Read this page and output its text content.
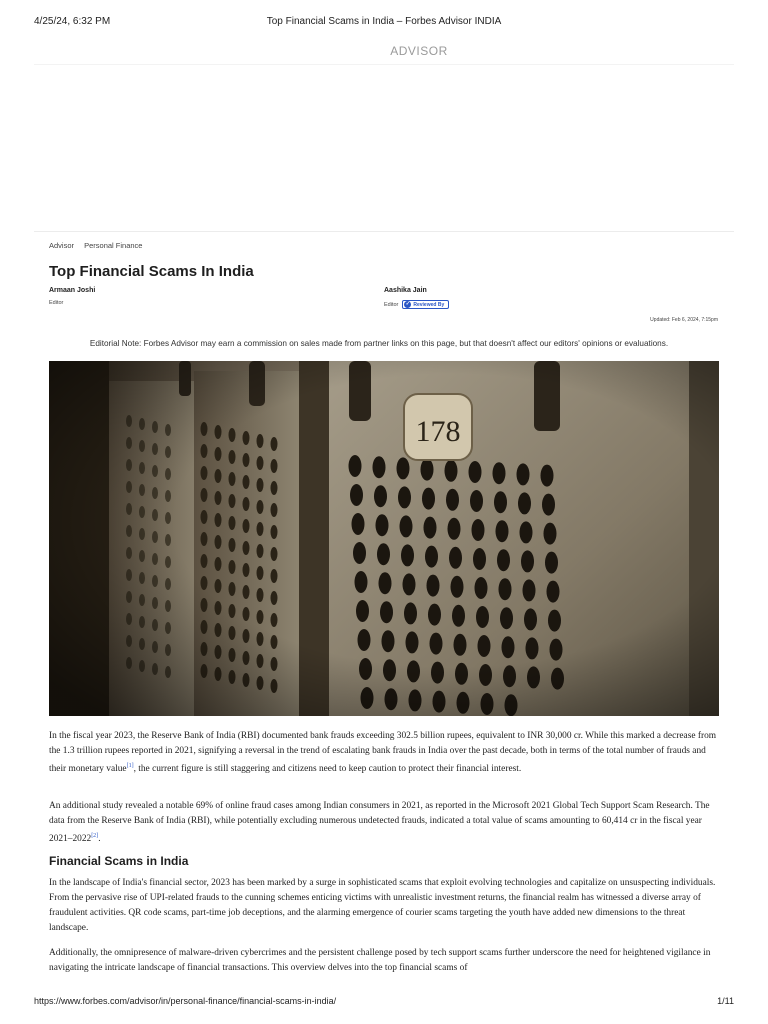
4/25/24, 6:32 PM	Top Financial Scams in India – Forbes Advisor INDIA
ADVISOR
Advisor Personal Finance
Top Financial Scams In India
Armaan Joshi
Editor
Aashika Jain
Editor ✓ Reviewed By
Updated: Feb 6, 2024, 7:15pm
Editorial Note: Forbes Advisor may earn a commission on sales made from partner links on this page, but that doesn't affect our editors' opinions or evaluations.

In the fiscal year 2023, the Reserve Bank of India (RBI) documented bank frauds exceeding 302.5 billion rupees, equivalent to INR 30,000 cr. While this marked a decrease from the 1.3 trillion rupees reported in 2021, signifying a reversal in the trend of escalating bank frauds in India over the past decade, both in terms of the total number of frauds and their monetary value[1], the current figure is still staggering and citizens need to keep caution to protect their financial interest.

An additional study revealed a notable 69% of online fraud cases among Indian consumers in 2021, as reported in the Microsoft 2021 Global Tech Support Scam Research. The data from the Reserve Bank of India (RBI), while potentially excluding numerous undetected frauds, indicated a total value of scams amounting to 60,414 cr in the fiscal year 2021–2022[2].

Financial Scams in India

In the landscape of India's financial sector, 2023 has been marked by a surge in sophisticated scams that exploit evolving technologies and capitalize on unsuspecting individuals. From the pervasive rise of UPI-related frauds to the cunning schemes enticing victims with unrealistic investment returns, the financial realm has witnessed a diverse array of fraudulent activities. QR code scams, part-time job deceptions, and the alarming emergence of courier scams targeting the youth have added new dimensions to the threat landscape.

Additionally, the omnipresence of malware-driven cybercrimes and the persistent challenge posed by tech support scams further underscore the need for heightened vigilance in navigating the intricate landscape of financial transactions. This overview delves into the top financial scams of

https://www.forbes.com/advisor/in/personal-finance/financial-scams-in-india/	1/11
